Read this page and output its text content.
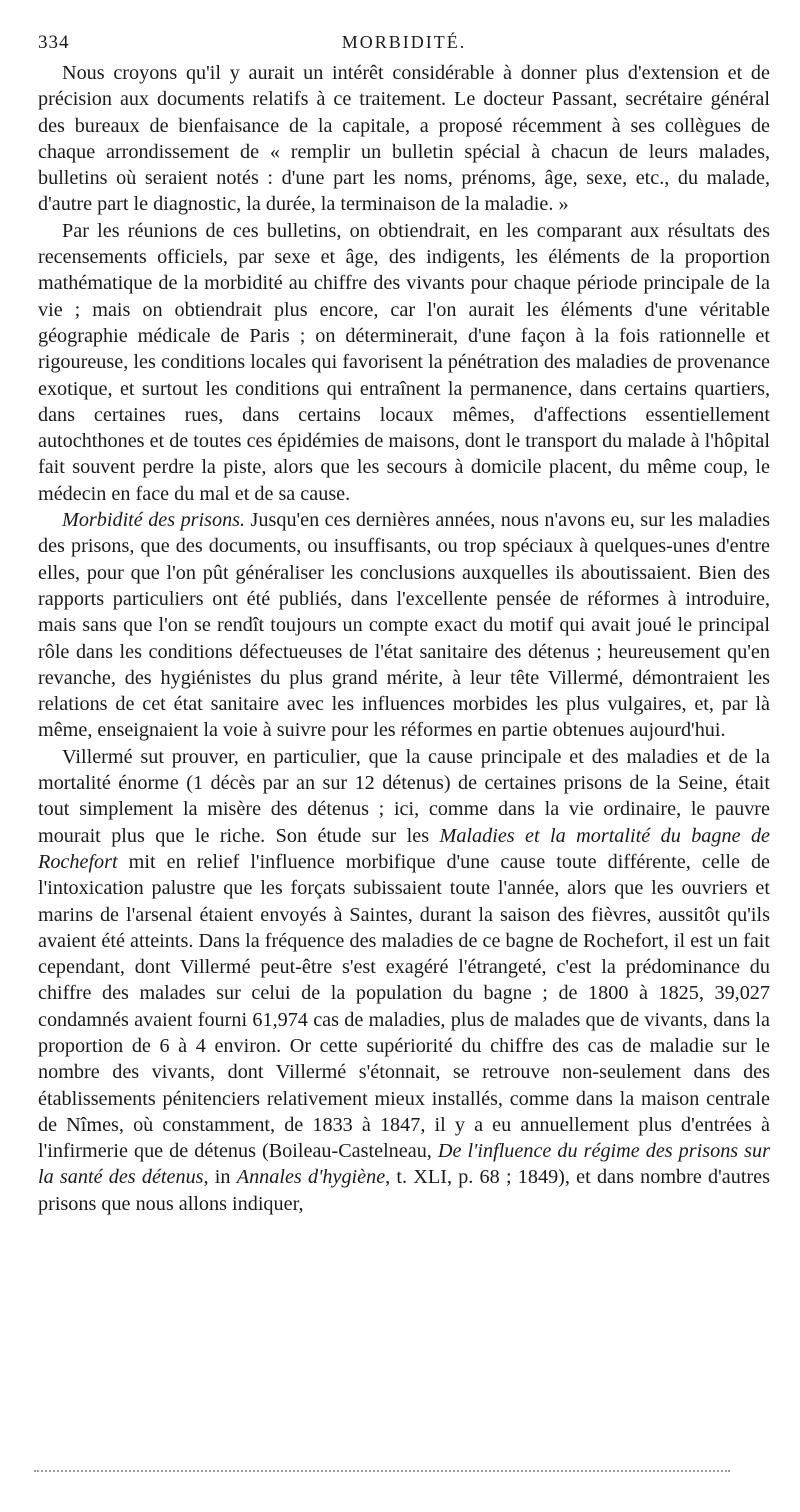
334	MORBIDITÉ.

Nous croyons qu'il y aurait un intérêt considérable à donner plus d'extension et de précision aux documents relatifs à ce traitement. Le docteur Passant, secrétaire général des bureaux de bienfaisance de la capitale, a proposé récemment à ses collègues de chaque arrondissement de « remplir un bulletin spécial à chacun de leurs malades, bulletins où seraient notés : d'une part les noms, prénoms, âge, sexe, etc., du malade, d'autre part le diagnostic, la durée, la terminaison de la maladie. »

Par les réunions de ces bulletins, on obtiendrait, en les comparant aux résultats des recensements officiels, par sexe et âge, des indigents, les éléments de la proportion mathématique de la morbidité au chiffre des vivants pour chaque période principale de la vie ; mais on obtiendrait plus encore, car l'on aurait les éléments d'une véritable géographie médicale de Paris ; on déterminerait, d'une façon à la fois rationnelle et rigoureuse, les conditions locales qui favorisent la pénétration des maladies de provenance exotique, et surtout les conditions qui entraînent la permanence, dans certains quartiers, dans certaines rues, dans certains locaux mêmes, d'affections essentiellement autochthones et de toutes ces épidémies de maisons, dont le transport du malade à l'hôpital fait souvent perdre la piste, alors que les secours à domicile placent, du même coup, le médecin en face du mal et de sa cause.

Morbidité des prisons. Jusqu'en ces dernières années, nous n'avons eu, sur les maladies des prisons, que des documents, ou insuffisants, ou trop spéciaux à quelques-unes d'entre elles, pour que l'on pût généraliser les conclusions auxquelles ils aboutissaient. Bien des rapports particuliers ont été publiés, dans l'excellente pensée de réformes à introduire, mais sans que l'on se rendît toujours un compte exact du motif qui avait joué le principal rôle dans les conditions défectueuses de l'état sanitaire des détenus ; heureusement qu'en revanche, des hygiénistes du plus grand mérite, à leur tête Villermé, démontraient les relations de cet état sanitaire avec les influences morbides les plus vulgaires, et, par là même, enseignaient la voie à suivre pour les réformes en partie obtenues aujourd'hui.

Villermé sut prouver, en particulier, que la cause principale et des maladies et de la mortalité énorme (1 décès par an sur 12 détenus) de certaines prisons de la Seine, était tout simplement la misère des détenus ; ici, comme dans la vie ordinaire, le pauvre mourait plus que le riche. Son étude sur les Maladies et la mortalité du bagne de Rochefort mit en relief l'influence morbifique d'une cause toute différente, celle de l'intoxication palustre que les forçats subissaient toute l'année, alors que les ouvriers et marins de l'arsenal étaient envoyés à Saintes, durant la saison des fièvres, aussitôt qu'ils avaient été atteints. Dans la fréquence des maladies de ce bagne de Rochefort, il est un fait cependant, dont Villermé peut-être s'est exagéré l'étrangeté, c'est la prédominance du chiffre des malades sur celui de la population du bagne ; de 1800 à 1825, 39,027 condamnés avaient fourni 61,974 cas de maladies, plus de malades que de vivants, dans la proportion de 6 à 4 environ. Or cette supériorité du chiffre des cas de maladie sur le nombre des vivants, dont Villermé s'étonnait, se retrouve non-seulement dans des établissements pénitenciers relativement mieux installés, comme dans la maison centrale de Nîmes, où constamment, de 1833 à 1847, il y a eu annuellement plus d'entrées à l'infirmerie que de détenus (Boileau-Castelneau, De l'influence du régime des prisons sur la santé des détenus, in Annales d'hygiène, t. XLI, p. 68 ; 1849), et dans nombre d'autres prisons que nous allons indiquer,
